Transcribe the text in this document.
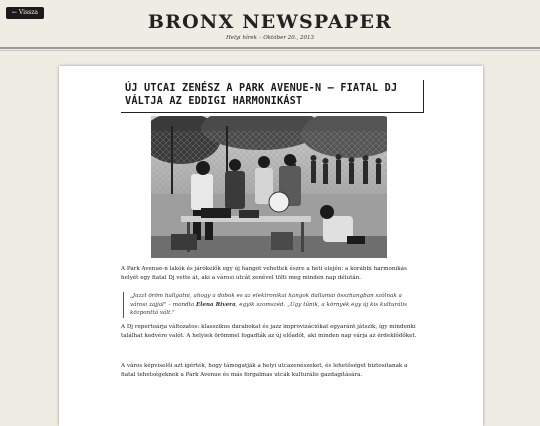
← Vissza	BRONX NEWSPAPER
Helyi hírek – Október 20., 2013
ÚJ UTCAI ZENÉSZ A PARK AVENUE-N — FIATAL DJ VÁLTJA AZ EDDIGI HARMONIKÁST
A Park Avenue-n lakók és járókelők egy új hangot vehettek észre a heti elején: a korábbi harmonikás helyét egy fiatal Dj vette át, aki a városi utcát zenével tölti meg minden nap délután.
„Jazzt öröm hallgatni, ahogy a dobok es az elektronikai hangok dallamai összhangban szólnak a városi zajjal" – mondta Elena Rivera, egyik szomszéd. „Úgy tűnik, a környék egy új kis kulturális központtá vált."
A Dj repertoárja változatos: klasszikus darabokat és jazz improvizációkat egyaránt játszik, így mindenki találhat kedvére valót. A helyiek örömmel fogadták az új előadót, aki minden nap várja az érdeklődőket.
A város képviselői azt ígérték, hogy támogatják a helyi utcazenészeket, és lehetőséget biztosítanak a fiatal tehetségeknek a Park Avenue és más forgalmas utcák kulturális gazdagítására.
